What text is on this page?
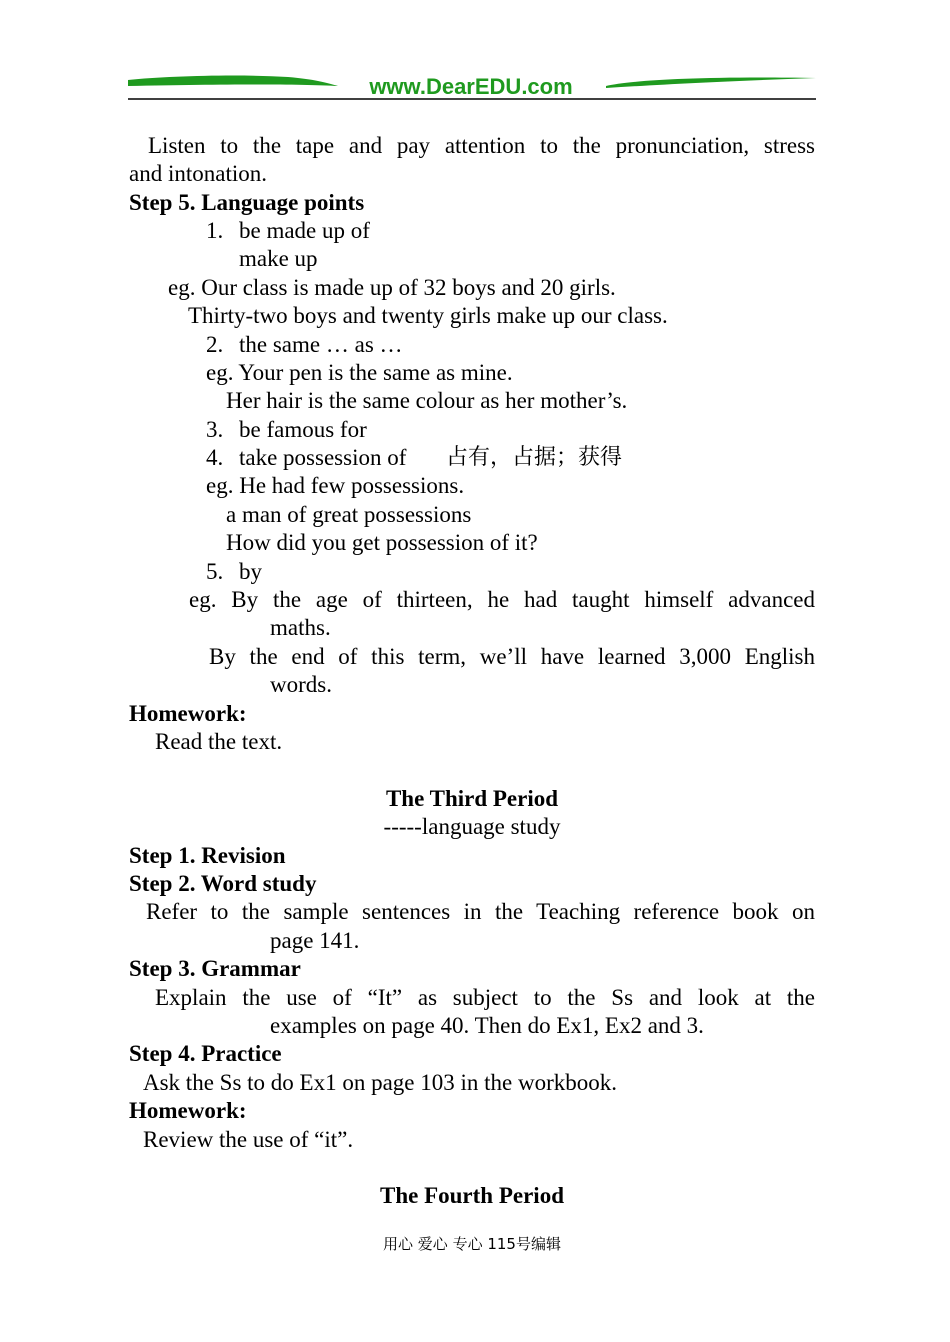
www.DearEDU.com
Listen to the tape and pay attention to the pronunciation, stress
and intonation.
Step 5. Language points
1. be made up of
make up
eg. Our class is made up of 32 boys and 20 girls.
Thirty-two boys and twenty girls make up our class.
2. the same … as …
eg. Your pen is the same as mine.
Her hair is the same colour as her mother’s.
3. be famous for
4. take possession of 占有，占据；获得
eg. He had few possessions.
a man of great possessions
How did you get possession of it?
5. by
eg. By the age of thirteen, he had taught himself advanced
maths.
By the end of this term, we’ll have learned 3,000 English
words.
Homework:
Read the text.
The Third Period
-----language study
Step 1. Revision
Step 2. Word study
Refer to the sample sentences in the Teaching reference book on
page 141.
Step 3. Grammar
Explain the use of “It” as subject to the Ss and look at the
examples on page 40. Then do Ex1, Ex2 and 3.
Step 4. Practice
Ask the Ss to do Ex1 on page 103 in the workbook.
Homework:
Review the use of “it”.
The Fourth Period
用心 爱心 专心 115号编辑
